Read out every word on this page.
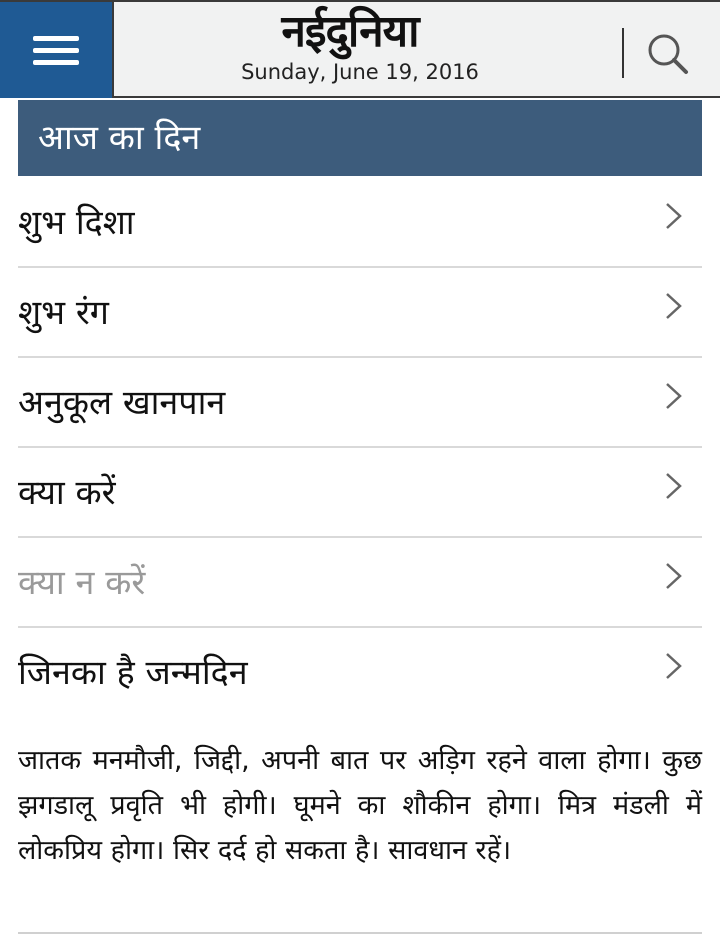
नईदुनिया
Sunday, June 19, 2016
आज का दिन
शुभ दिशा
शुभ रंग
अनुकूल खानपान
क्या करें
क्या न करें
जिनका है जन्मदिन

जातक मनमौजी, जिद्दी, अपनी बात पर अड़िग रहने वाला होगा। कुछ झगडालू प्रवृति भी होगी। घूमने का शौकीन होगा। मित्र मंडली में लोकप्रिय होगा। सिर दर्द हो सकता है। सावधान रहें।
